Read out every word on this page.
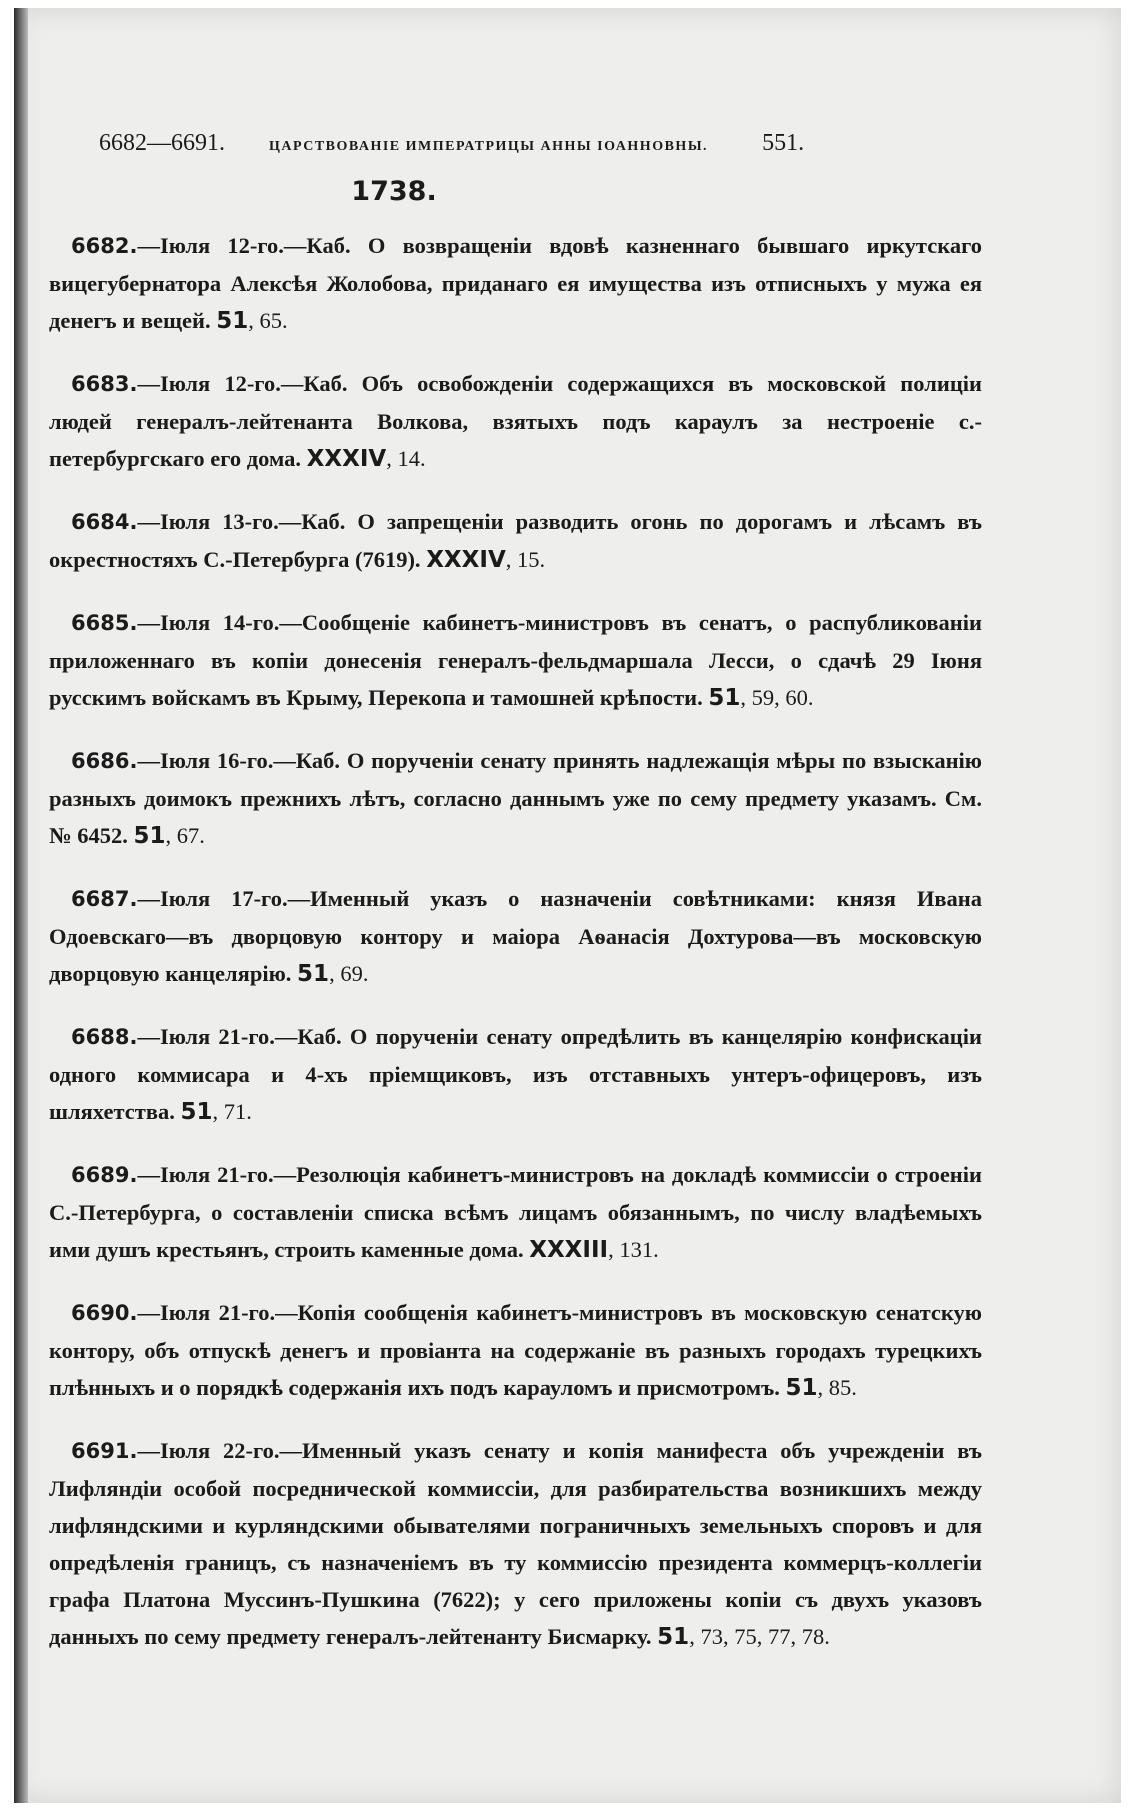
6682—6691.	ЦАРСТВОВАНІЕ ИМПЕРАТРИЦЫ АННЫ ІОАННОВНЫ. 551.
1738.

6682.—Іюля 12-го.—Каб. О возвращеніи вдовѣ казненнаго бывшаго иркутскаго вицегубернатора Алексѣя Жолобова, приданаго ея имущества изъ отписныхъ у мужа ея денегъ и вещей. 51, 65.

6683.—Іюля 12-го.—Каб. Объ освобожденіи содержащихся въ московской полиціи людей генералъ-лейтенанта Волкова, взятыхъ подъ караулъ за нестроеніе с.-петербургскаго его дома. XXXIV, 14.

6684.—Іюля 13-го.—Каб. О запрещеніи разводить огонь по дорогамъ и лѣсамъ въ окрестностяхъ С.-Петербурга (7619). XXXIV, 15.

6685.—Іюля 14-го.—Сообщеніе кабинетъ-министровъ въ сенатъ, о распубликованіи приложеннаго въ копіи донесенія генералъ-фельдмаршала Лесси, о сдачѣ 29 Іюня русскимъ войскамъ въ Крыму, Перекопа и тамошней крѣпости. 51, 59, 60.

6686.—Іюля 16-го.—Каб. О порученіи сенату принять надлежащія мѣры по взысканію разныхъ доимокъ прежнихъ лѣтъ, согласно даннымъ уже по сему предмету указамъ. См. № 6452. 51, 67.

6687.—Іюля 17-го.—Именный указъ о назначеніи совѣтниками: князя Ивана Одоевскаго—въ дворцовую контору и маіора Аѳанасія Дохтурова—въ московскую дворцовую канцелярію. 51, 69.

6688.—Іюля 21-го.—Каб. О порученіи сенату опредѣлить въ канцелярію конфискаціи одного коммисара и 4-хъ пріемщиковъ, изъ отставныхъ унтеръ-офицеровъ, изъ шляхетства. 51, 71.

6689.—Іюля 21-го.—Резолюція кабинетъ-министровъ на докладѣ коммиссіи о строеніи С.-Петербурга, о составленіи списка всѣмъ лицамъ обязаннымъ, по числу владѣемыхъ ими душъ крестьянъ, строить каменные дома. XXXIII, 131.

6690.—Іюля 21-го.—Копія сообщенія кабинетъ-министровъ въ московскую сенатскую контору, объ отпускѣ денегъ и провіанта на содержаніе въ разныхъ городахъ турецкихъ плѣнныхъ и о порядкѣ содержанія ихъ подъ карауломъ и присмотромъ. 51, 85.

6691.—Іюля 22-го.—Именный указъ сенату и копія манифеста объ учрежденіи въ Лифляндіи особой посреднической коммиссіи, для разбирательства возникшихъ между лифляндскими и курляндскими обывателями пограничныхъ земельныхъ споровъ и для опредѣленія границъ, съ назначеніемъ въ ту коммиссію президента коммерцъ-коллегіи графа Платона Муссинъ-Пушкина (7622); у сего приложены копіи съ двухъ указовъ данныхъ по сему предмету генералъ-лейтенанту Бисмарку. 51, 73, 75, 77, 78.
